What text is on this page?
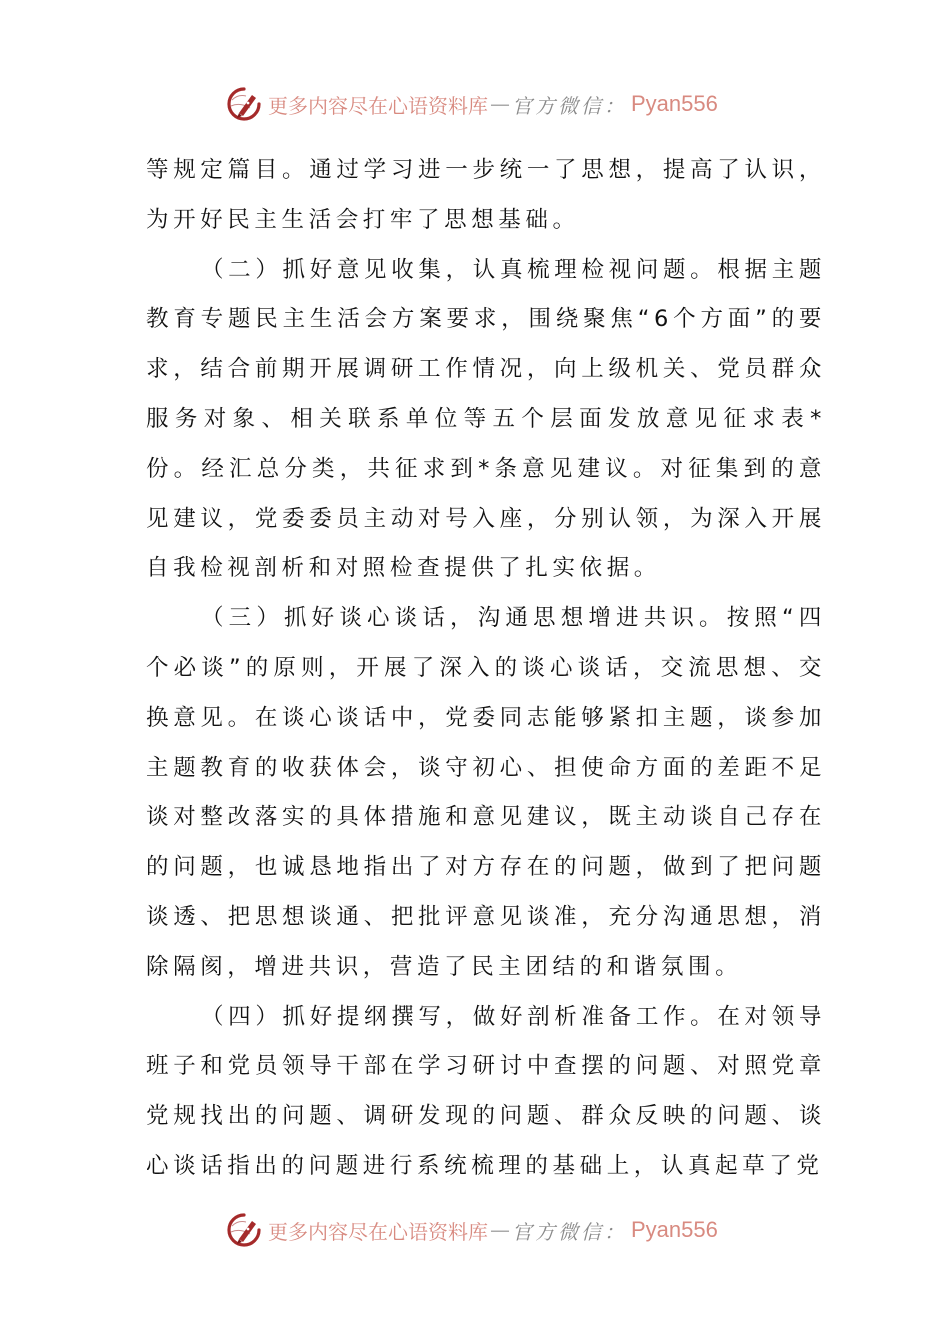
更多内容尽在心语资料库 — 官方微信： Pyan556

等规定篇目。通过学习进一步统一了思想，提高了认识，为开好民主生活会打牢了思想基础。

（二）抓好意见收集，认真梳理检视问题。根据主题教育专题民主生活会方案要求，围绕聚焦“6个方面”的要求，结合前期开展调研工作情况，向上级机关、党员群众服务对象、相关联系单位等五个层面发放意见征求表*份。经汇总分类，共征求到*条意见建议。对征集到的意见建议，党委委员主动对号入座，分别认领，为深入开展自我检视剖析和对照检查提供了扎实依据。

（三）抓好谈心谈话，沟通思想增进共识。按照“四个必谈”的原则，开展了深入的谈心谈话，交流思想、交换意见。在谈心谈话中，党委同志能够紧扣主题，谈参加主题教育的收获体会，谈守初心、担使命方面的差距不足谈对整改落实的具体措施和意见建议，既主动谈自己存在的问题，也诚恳地指出了对方存在的问题，做到了把问题谈透、把思想谈通、把批评意见谈准，充分沟通思想，消除隔阂，增进共识，营造了民主团结的和谐氛围。

（四）抓好提纲撰写，做好剖析准备工作。在对领导班子和党员领导干部在学习研讨中查摆的问题、对照党章党规找出的问题、调研发现的问题、群众反映的问题、谈心谈话指出的问题进行系统梳理的基础上，认真起草了党

更多内容尽在心语资料库 — 官方微信： Pyan556
